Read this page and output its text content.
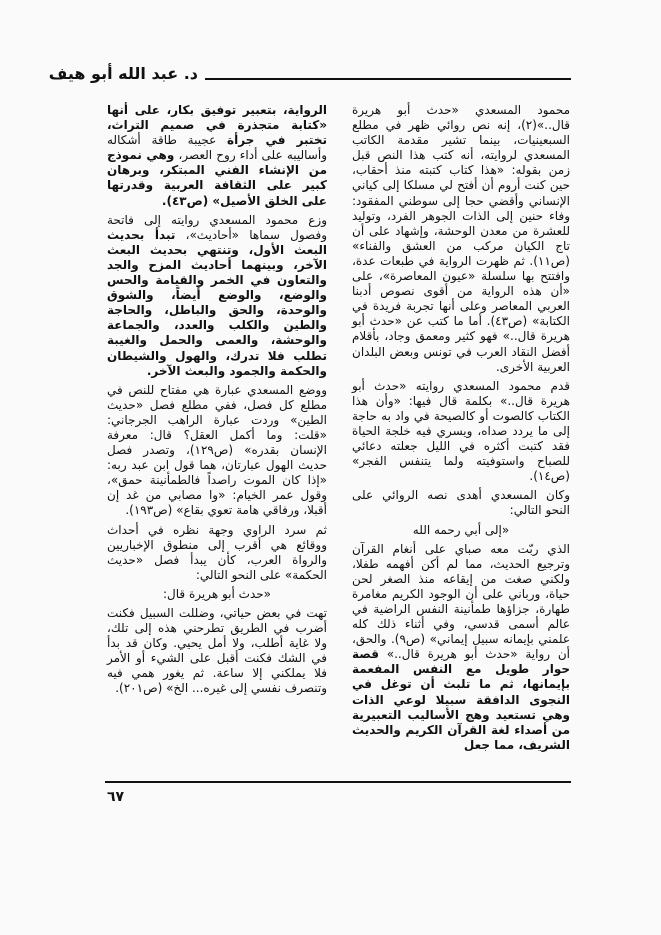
د. عبد الله أبو هيف

محمود المسعدي «حدث أبو هريرة قال..»(٢)، إنه نص روائي ظهر في مطلع السبعينيات، بينما تشير مقدمة الكاتب المسعدي لروايته، أنه كتب هذا النص قبل زمن بقوله: «هذا كتاب كتبته منذ أحقاب، حين كنت أروم أن أفتح لي مسلكا إلى كياني الإنساني وأقضي حجا إلى سوطني المفقود: وفاء حنين إلى الذات الجوهر الفرد، وتوليد للعشرة من معدن الوحشة، وإشهاد على أن تاج الكيان مركب من العشق والفناء» (ص١١). ثم ظهرت الرواية في طبعات عدة، وافتتح بها سلسلة «عيون المعاصرة»، على «أن هذه الرواية من أقوى نصوص أدبنا العربي المعاصر وعلى أنها تجربة فريدة في الكتابة» (ص٤٣). أما ما كتب عن «حدث أبو هريرة قال..» فهو كثير ومعمق وجاد، بأقلام أفضل النقاد العرب في تونس وبعض البلدان العربية الأخرى.

قدم محمود المسعدي روايته «حدث أبو هريرة قال..» بكلمة قال فيها: «وأن هذا الكتاب كالصوت أو كالصيحة في واد به حاجة إلى ما يردد صداه، ويسري فيه خلجة الحياة فقد كتبت أكثره في الليل جعلته دعائي للصباح واستوفيته ولما يتنفس الفجر» (ص١٤).

وكان المسعدي أهدى نصه الروائي على النحو التالي:

«إلى أبي رحمه الله

الذي ربّت معه صباي على أنغام القرآن وترجيع الحديث، مما لم أكن أفهمه طفلا، ولكني صغت من إيقاعه منذ الصغر لحن حياة، ورباني على أن الوجود الكريم مغامرة طهارة، جزاؤها طمأنينة النفس الراضية في عالم أسمى قدسي، وفي أثناء ذلك كله علمني بإيمانه سبيل إيماني» (ص٩). والحق، أن رواية «حدث أبو هريرة قال..» قصة حوار طويل مع النفس المفعمة بإيمانها، ثم ما تلبث أن توغل في النجوى الدافقة سبيلا لوعي الذات وهي تستعيد وهج الأساليب التعبيرية من أصداء لغة القرآن الكريم والحديث الشريف، مما جعل

الرواية، بتعبير توفيق بكار، على أنها «كتابة متجذرة في صميم التراث، تختبر في جرأة عجيبة طاقة أشكاله وأساليبه على أداء روح العصر، وهي نموذج من الإنشاء الفني المبتكر، وبرهان كبير على الثقافة العربية وقدرتها على الخلق الأصيل» (ص٤٣).

وزع محمود المسعدي روايته إلى فاتحة وفصول سماها «أحاديث»، تبدأ بحديث البعث الأول، وتنتهي بحديث البعث الآخر، وبينهما أحاديث المزح والجد والتعاون في الخمر والقيامة والحس والوضع، والوضع أيضاً، والشوق والوحدة، والحق والباطل، والحاجة والطين والكلب والعدد، والجماعة والوحشة، والعمى والحمل والغيبة تطلب فلا تدرك، والهول والشيطان والحكمة والجمود والبعث الآخر.

ووضع المسعدي عبارة هي مفتاح للنص في مطلع كل فصل، ففي مطلع فصل «حديث الطين» وردت عبارة الراهب الجرجاني: «قلت: وما أكمل العقل؟ قال: معرفة الإنسان بقدره» (ص١٢٩)، وتصدر فصل حديث الهول عبارتان، هما قول ابن عبد ربه: «إذا كان الموت راصداً فالطمأنينة حمق»، وقول عمر الخيام: «وا مصابي من غد إن أقبلا، ورفاقي هامة تعوي بقاع» (ص١٩٣).

ثم سرد الراوي وجهة نظره في أحداث ووقائع هي أقرب إلى منطوق الإخباريين والرواة العرب، كأن يبدأ فصل «حديث الحكمة» على النحو التالي:

«حدث أبو هريرة قال:

تهت في بعض حياتي، وضللت السبيل فكنت أضرب في الطريق تطرحني هذه إلى تلك، ولا غاية أطلب، ولا أمل يحيي. وكان قد بدأ في الشك فكنت أقبل على الشيء أو الأمر فلا يملكني إلا ساعة. ثم يغور همي فيه وتنصرف نفسي إلى غيره... الخ» (ص٢٠١).

٦٧
